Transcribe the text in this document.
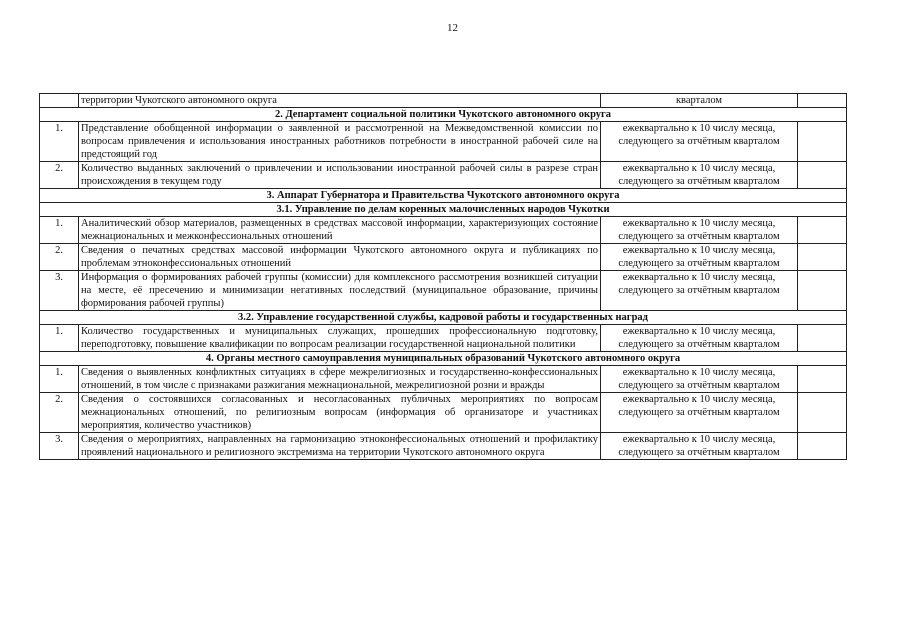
12
	территории Чукотского автономного округа	кварталом	
2. Департамент социальной политики Чукотского автономного округа			
1.	Представление обобщенной информации о заявленной и рассмотренной на Межведомственной комиссии по вопросам привлечения и использования иностранных работников потребности в иностранной рабочей силе на предстоящий год	ежеквартально к 10 числу месяца, следующего за отчётным кварталом	
2.	Количество выданных заключений о привлечении и использовании иностранной рабочей силы в разрезе стран происхождения в текущем году	ежеквартально к 10 числу месяца, следующего за отчётным кварталом	
3. Аппарат Губернатора и Правительства Чукотского автономного округа			
3.1. Управление по делам коренных малочисленных народов Чукотки			
1.	Аналитический обзор материалов, размещенных в средствах массовой информации, характеризующих состояние межнациональных и межконфессиональных отношений	ежеквартально к 10 числу месяца, следующего за отчётным кварталом	
2.	Сведения о печатных средствах массовой информации Чукотского автономного округа и публикациях по проблемам этноконфессиональных отношений	ежеквартально к 10 числу месяца, следующего за отчётным кварталом	
3.	Информация о формированиях рабочей группы (комиссии) для комплексного рассмотрения возникшей ситуации на месте, её пресечению и минимизации негативных последствий (муниципальное образование, причины формирования рабочей группы)	ежеквартально к 10 числу месяца, следующего за отчётным кварталом	
3.2. Управление государственной службы, кадровой работы и государственных наград			
1.	Количество государственных и муниципальных служащих, прошедших профессиональную подготовку, переподготовку, повышение квалификации по вопросам реализации государственной национальной политики	ежеквартально к 10 числу месяца, следующего за отчётным кварталом	
4. Органы местного самоуправления муниципальных образований Чукотского автономного округа			
1.	Сведения о выявленных конфликтных ситуациях в сфере межрелигиозных и государственно-конфессиональных отношений, в том числе с признаками разжигания межнациональной, межрелигиозной розни и вражды	ежеквартально к 10 числу месяца, следующего за отчётным кварталом	
2.	Сведения о состоявшихся согласованных и несогласованных публичных мероприятиях по вопросам межнациональных отношений, по религиозным вопросам (информация об организаторе и участниках мероприятия, количество участников)	ежеквартально к 10 числу месяца, следующего за отчётным кварталом	
3.	Сведения о мероприятиях, направленных на гармонизацию этноконфессиональных отношений и профилактику проявлений национального и религиозного экстремизма на территории Чукотского автономного округа	ежеквартально к 10 числу месяца, следующего за отчётным кварталом	
